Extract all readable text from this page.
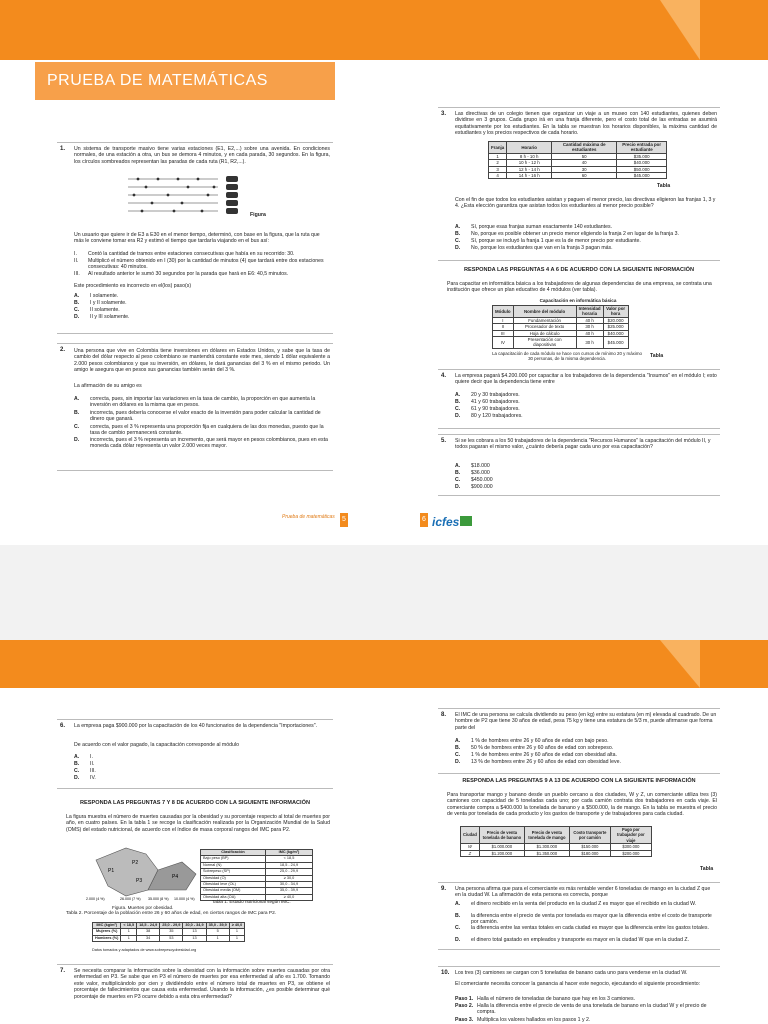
PRUEBA DE MATEMÁTICAS
1. Un sistema de transporte masivo tiene varias estaciones (E1, E2,...) sobre una avenida. En condiciones normales, de una estación a otra, un bus se demora 4 minutos, y en cada parada, 30 segundos. En la figura, los círculos sombreados representan las paradas de cada ruta (R1, R2,...).
Figura
Un usuario que quiere ir de E3 a E30 en el menor tiempo, determinó, con base en la figura, que la ruta que más le conviene tomar era R2 y estimó el tiempo que tardaría viajando en el bus así:
I. Contó la cantidad de tramos entre estaciones consecutivas que había en su recorrido: 30.
II. Multiplicó el número obtenido en I (30) por la cantidad de minutos (4) que tardará entre dos estaciones consecutivas: 40 minutos.
III. Al resultado anterior le sumó 30 segundos por la parada que hará en E6: 40,5 minutos.
Este procedimiento es incorrecto en el(los) paso(s)
A. I solamente.
B. I y II solamente.
C. II solamente.
D. II y III solamente.
2. Una persona que vive en Colombia tiene inversiones en dólares en Estados Unidos, y sabe que la tasa de cambio del dólar respecto al peso colombiano se mantendrá constante este mes, siendo 1 dólar equivalente a 2.000 pesos colombianos y que su inversión, en dólares, le dará ganancias del 3 % en el mismo periodo. Un amigo le asegura que en pesos sus ganancias también serán del 3 %.
La afirmación de su amigo es
A. correcta, pues, sin importar las variaciones en la tasa de cambio, la proporción en que aumenta la inversión en dólares es la misma que en pesos.
B. incorrecta, pues debería conocerse el valor exacto de la inversión para poder calcular la cantidad de dinero que ganará.
C. correcta, pues el 3 % representa una proporción fija en cualquiera de las dos monedas, puesto que la tasa de cambio permanecerá constante.
D. incorrecta, pues el 3 % representa un incremento, que será mayor en pesos colombianos, pues en esta moneda cada dólar representa un valor 2.000 veces mayor.
Prueba de matemáticas 5	6 icfes
3. Las directivas de un colegio tienen que organizar un viaje a un museo con 140 estudiantes, quienes deben dividirse en 3 grupos. Cada grupo irá en una franja diferente, pero el costo total de las entradas se asumirá equitativamente por los estudiantes. En la tabla se muestran los horarios disponibles, la máxima cantidad de estudiantes y los precios respectivos de cada horario.
Franja	Horario	Cantidad máxima de estudiantes	Precio entrada por estudiante
1	8 h - 10 h	50	$35.000
2	10 h - 12 h	40	$40.000
3	12 h - 14 h	30	$50.000
4	14 h - 16 h	60	$45.000
Tabla
Con el fin de que todos los estudiantes asistan y paguen el menor precio, las directivas eligieron las franjas 1, 3 y 4. ¿Esta elección garantiza que asistan todos los estudiantes al menor precio posible?
A. Sí, porque esas franjas suman exactamente 140 estudiantes.
B. No, porque es posible obtener un precio menor eligiendo la franja 2 en lugar de la franja 3.
C. Sí, porque se incluyó la franja 1 que es la de menor precio por estudiante.
D. No, porque los estudiantes que van en la franja 3 pagan más.
RESPONDA LAS PREGUNTAS 4 A 6 DE ACUERDO CON LA SIGUIENTE INFORMACIÓN
Para capacitar en informática básica a los trabajadores de algunas dependencias de una empresa, se contrata una institución que ofrece un plan educativo de 4 módulos (ver tabla).
Capacitación en informática básica
Módulo	Nombre del módulo	Intensidad horaria	Valor por hora
I	Fundamentación	40 h	$20.000
II	Procesador de texto	30 h	$25.000
III	Hoja de cálculo	40 h	$40.000
IV	Presentación con diapositivas	30 h	$45.000
La capacitación de cada módulo se hace con cursos de mínimo 20 y máximo 30 personas, de la misma dependencia.	Tabla
4. La empresa pagará $4.200.000 por capacitar a los trabajadores de la dependencia "Insumos" en el módulo I; esto quiere decir que la dependencia tiene entre
A. 20 y 30 trabajadores.
B. 41 y 60 trabajadores.
C. 61 y 90 trabajadores.
D. 80 y 120 trabajadores.
5. Si se les cobrara a los 50 trabajadores de la dependencia "Recursos Humanos" la capacitación del módulo II, y todos pagaran el mismo valor, ¿cuánto debería pagar cada uno por esa capacitación?
A. $18.000
B. $36.000
C. $450.000
D. $900.000
6. La empresa paga $900.000 por la capacitación de los 40 funcionarios de la dependencia "Importaciones".
De acuerdo con el valor pagado, la capacitación corresponde al módulo
A. I.
B. II.
C. III.
D. IV.
RESPONDA LAS PREGUNTAS 7 Y 8 DE ACUERDO CON LA SIGUIENTE INFORMACIÓN
La figura muestra el número de muertes causadas por la obesidad y su porcentaje respecto al total de muertes por año, en cuatro países. En la tabla 1 se recoge la clasificación realizada por la Organización Mundial de la Salud (OMS) del estado nutricional, de acuerdo con el índice de masa corporal rangos del IMC para P2.
P1
P2
P3
P4
2.000 (4 %)	26.000 (7 %) 35.000 (8 %) 10.000 (4 %)
Figura. Muertes por obesidad.
Clasificación	IMC (kg/m²)
Bajo peso (BP)	< 18,5
Normal (N)	18,5 - 24,9
Sobrepeso (SP)	25,0 - 29,9
Obesidad (O)	≥ 30,0
Obesidad leve (OL)	30,0 - 34,9
Obesidad media (OM)	35,0 - 39,9
Obesidad alta (OA)	≥ 40,0
Tabla 1. Estado nutricional según IMC.
Tabla 2. Porcentaje de la población entre 26 y 60 años de edad, en ciertos rangos de IMC para P2.
IMC (kg/m²)	< 18,5	18,5 - 24,9	25,0 - 29,9	30,0 - 34,9	35,0 - 39,9	≥ 40,0
Mujeres (%)	1	38	35	13	5	1
Hombres (%)	1	34	53	13	1	1
Datos tomados y adaptados de www.sobrepesoyobesidad.org
7. Se necesita comparar la información sobre la obesidad con la información sobre muertes causadas por otra enfermedad en P3. Se sabe que en P3 el número de muertes por esa enfermedad al año es 1.700. Tomando este valor, multiplicándolo por cien y dividiéndolo entre el número total de muertes en P3, se obtiene el porcentaje de fallecimientos que causa esta enfermedad. Usando la información, ¿es posible determinar qué porcentaje de muertes en P3 ocurre debido a esta otra enfermedad?
8. El IMC de una persona se calcula dividiendo su peso (en kg) entre su estatura (en m) elevada al cuadrado. De un hombre de P2 que tiene 30 años de edad, pesa 75 kg y tiene una estatura de 5/3 m, puede afirmarse que forma parte del
A. 1 % de hombres entre 26 y 60 años de edad con bajo peso.
B. 50 % de hombres entre 26 y 60 años de edad con sobrepeso.
C. 1 % de hombres entre 26 y 60 años de edad con obesidad alta.
D. 13 % de hombres entre 26 y 60 años de edad con obesidad leve.
RESPONDA LAS PREGUNTAS 9 A 13 DE ACUERDO CON LA SIGUIENTE INFORMACIÓN
Para transportar mango y banano desde un pueblo cercano a dos ciudades, W y Z, un comerciante utiliza tres (3) camiones con capacidad de 5 toneladas cada uno; por cada camión contrata dos trabajadores en cada viaje. El comerciante compra a $400.000 la tonelada de banano y a $500.000, la de mango. En la tabla se muestra el precio de venta por tonelada de cada producto y los gastos de transporte y de trabajadores para cada ciudad.
Ciudad	Precio de venta tonelada de banano	Precio de venta tonelada de mango	Costo transporte por camión	Pago por trabajador por viaje
W	$1.000.000	$1.300.000	$150.000	$300.000
Z	$1.200.000	$1.350.000	$180.000	$200.000
Tabla
9. Una persona afirma que para el comerciante es más rentable vender 6 toneladas de mango en la ciudad Z que en la ciudad W. La afirmación de esta persona es correcta, porque
A. el dinero recibido en la venta del producto en la ciudad Z es mayor que el recibido en la ciudad W.
B. la diferencia entre el precio de venta por tonelada es mayor que la diferencia entre el costo de transporte por camión.
C. la diferencia entre las ventas totales en cada ciudad es mayor que la diferencia entre los gastos totales.
D. el dinero total gastado en empleados y transporte es mayor en la ciudad W que en la ciudad Z.
10. Los tres (3) camiones se cargan con 5 toneladas de banano cada uno para venderse en la ciudad W.
El comerciante necesita conocer la ganancia al hacer este negocio, ejecutando el siguiente procedimiento:
Paso 1. Halla el número de toneladas de banano que hay en los 3 camiones.
Paso 2. Halla la diferencia entre el precio de venta de una tonelada de banano en la ciudad W y el precio de compra.
Paso 3. Multiplica los valores hallados en los pasos 1 y 2.
